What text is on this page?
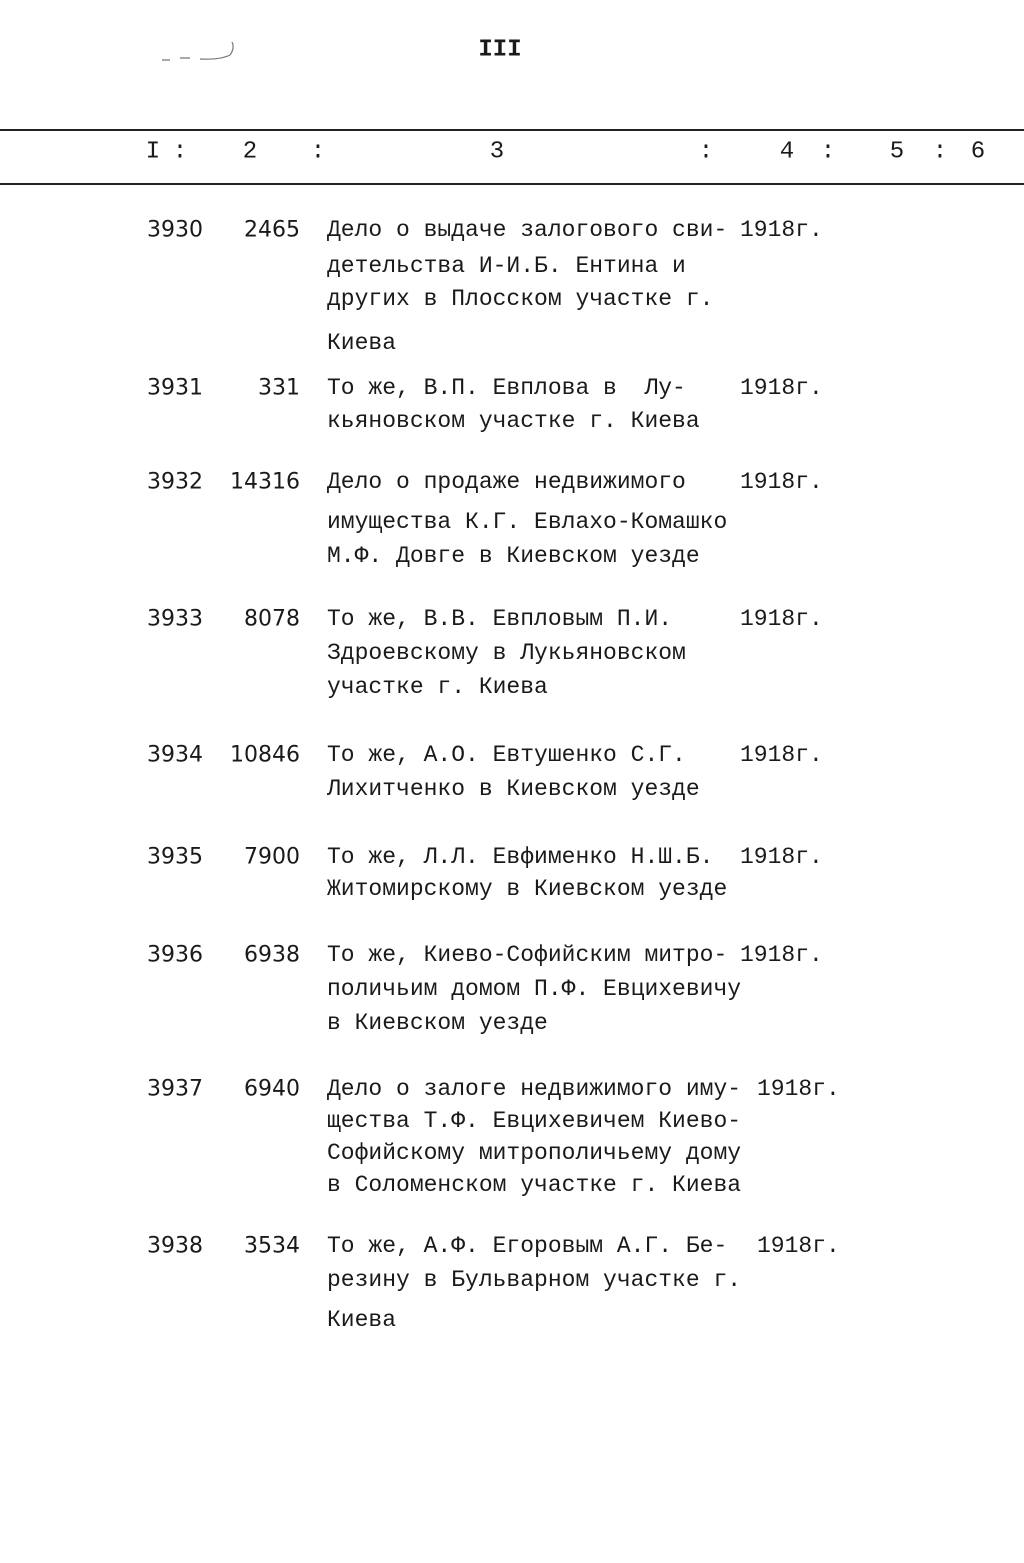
III
I : 2 :	3	:	4 : 5 : 6
3930 2465 Дело о выдаче залогового сви-
детельства И-И.Б. Ентина и
других в Плосском участке г.
Киева
1918г.
3931	331 То же, В.П. Евплова в  Лу-
кьяновском участке г. Киева
1918г.
3932 14316 Дело о продаже недвижимого
имущества К.Г. Евлахо-Комашко
М.Ф. Довге в Киевском уезде
1918г.
3933 8078 То же, В.В. Евпловым П.И.
Здроевскому в Лукьяновском
участке г. Киева
1918г.
3934 10846 То же, А.О. Евтушенко С.Г.
Лихитченко в Киевском уезде
1918г.
3935 7900 То же, Л.Л. Евфименко Н.Ш.Б.
Житомирскому в Киевском уезде
1918г.
3936 6938 То же, Киево-Софийским митро-
поличьим домом П.Ф. Евцихевичу
в Киевском уезде
1918г.
3937 6940 Дело о залоге недвижимого иму-
щества Т.Ф. Евцихевичем Киево-
Софийскому митрополичьему дому
в Соломенском участке г. Киева
1918г.
3938 3534 То же, А.Ф. Егоровым А.Г. Бе-
резину в Бульварном участке г.
Киева
1918г.
